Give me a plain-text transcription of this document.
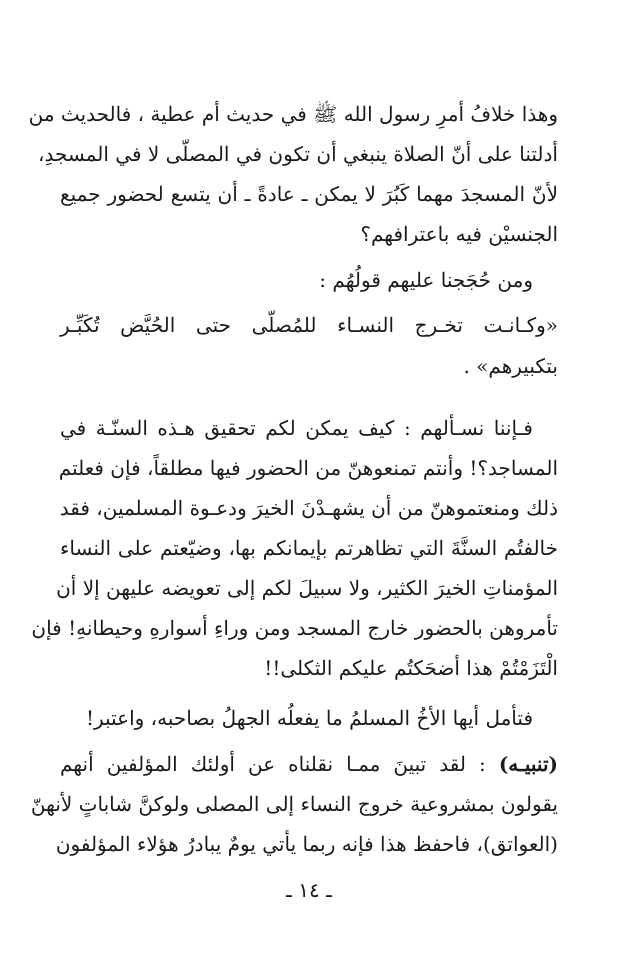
وهذا خلافُ أمرِ رسول الله ﷺ في حديث أم عطية ، فالحديث من
أدلتنا على أنّ الصلاة ينبغي أن تكون في المصلّى لا في المسجدِ،
لأنّ المسجدَ مهما كَبُرَ لا يمكن ـ عادةً ـ أن يتسع لحضور جميع
الجنسيْن فيه باعترافهم؟
ومن حُجَجنا عليهم قولُهُم :
«وكـانـت تخـرج النسـاء للمُصلّى حتى الحُيَّض تُكَبِّـر
بتكبيرهم» .
فـإننا نسـألهم : كيف يمكن لكم تحقيق هـذه السنّـة في
المساجد؟! وأنتم تمنعوهنّ من الحضور فيها مطلقاً، فإن فعلتم
ذلك ومنعتموهنّ من أن يشهـدْنَ الخيرَ ودعـوة المسلمين، فقد
خالفتُم السنَّةَ التي تظاهرتم بإيمانكم بها، وضيّعتم على النساء
المؤمناتِ الخيرَ الكثير، ولا سبيلَ لكم إلى تعويضه عليهن إلا أن
تأمروهن بالحضور خارج المسجد ومن وراءِ أسوارهِ وحيطانهِ! فإن
الْتَزَمْتُمْ هذا أضحَكتُم عليكم الثكلى!!
فتأمل أيها الأخُ المسلمُ ما يفعلُه الجهلُ بصاحبه، واعتبر!
(تنبيـه) : لقد تبينَ ممـا نقلناه عن أولئك المؤلفين أنهم
يقولون بمشروعية خروج النساء إلى المصلى ولوكنَّ شاباتٍ لأنهنّ
(العواتق)، فاحفظ هذا فإنه ربما يأتي يومٌ يبادرُ هؤلاء المؤلفون
ـ ١٤ ـ
